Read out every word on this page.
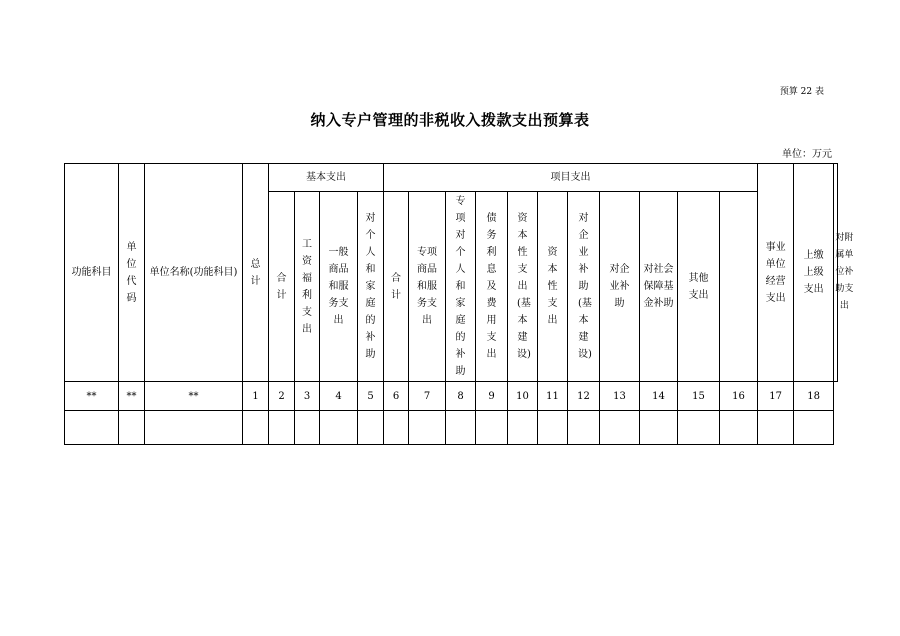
预算 22 表
纳入专户管理的非税收入拨款支出预算表
单位：万元
功能科目	单位代码	单位名称(功能科目)	总计	基本支出				项目支出											事业单位经营支出	上缴上级支出	对附属单位补助支出
				合计	工资福利支出	一般商品和服务支出	对个人和家庭的补助	合计	专项商品和服务支出	专项对个人和家庭的补助	债务利息及费用支出	资本性支出(基本建设)	资本性支出	对企业补助(基本建设)	对企业补助	对社会保障基金补助	其他支出				
**	**	**	1	2	3	4	5	6	7	8	9	10	11	12	13	14	15	16	17	18	
